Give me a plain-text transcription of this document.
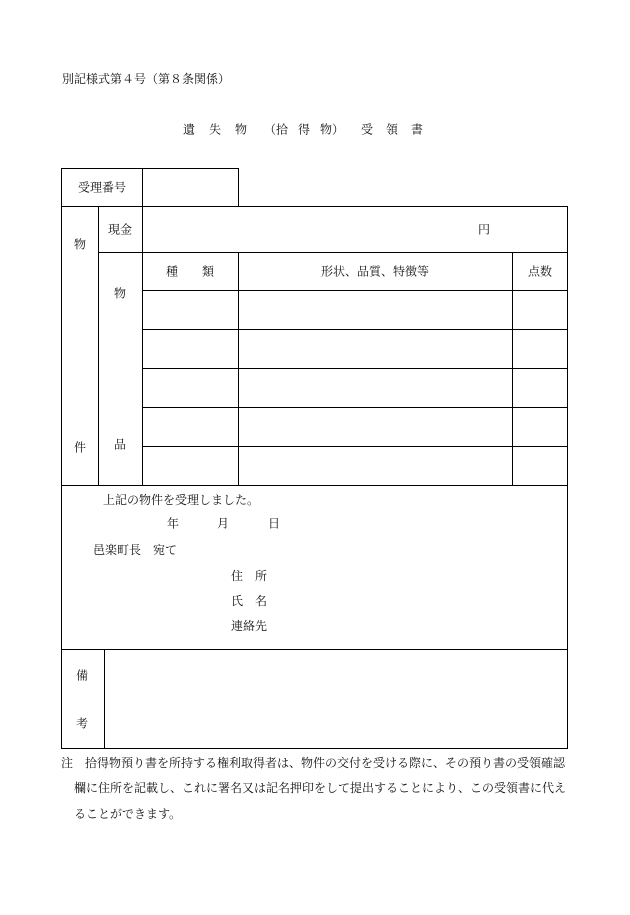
別記様式第４号（第８条関係）
遺 失 物 （拾 得 物） 受 領 書
受理番号
物
件
現金	円
物
品
種　　類	形状、品質、特徴等	点数
上記の物件を受理しました。
年	月	日
邑楽町長　宛て
住　所
氏　名
連絡先
備
考
注　拾得物預り書を所持する権利取得者は、物件の交付を受ける際に、その預り書の受領確認
欄に住所を記載し、これに署名又は記名押印をして提出することにより、この受領書に代え
ることができます。
